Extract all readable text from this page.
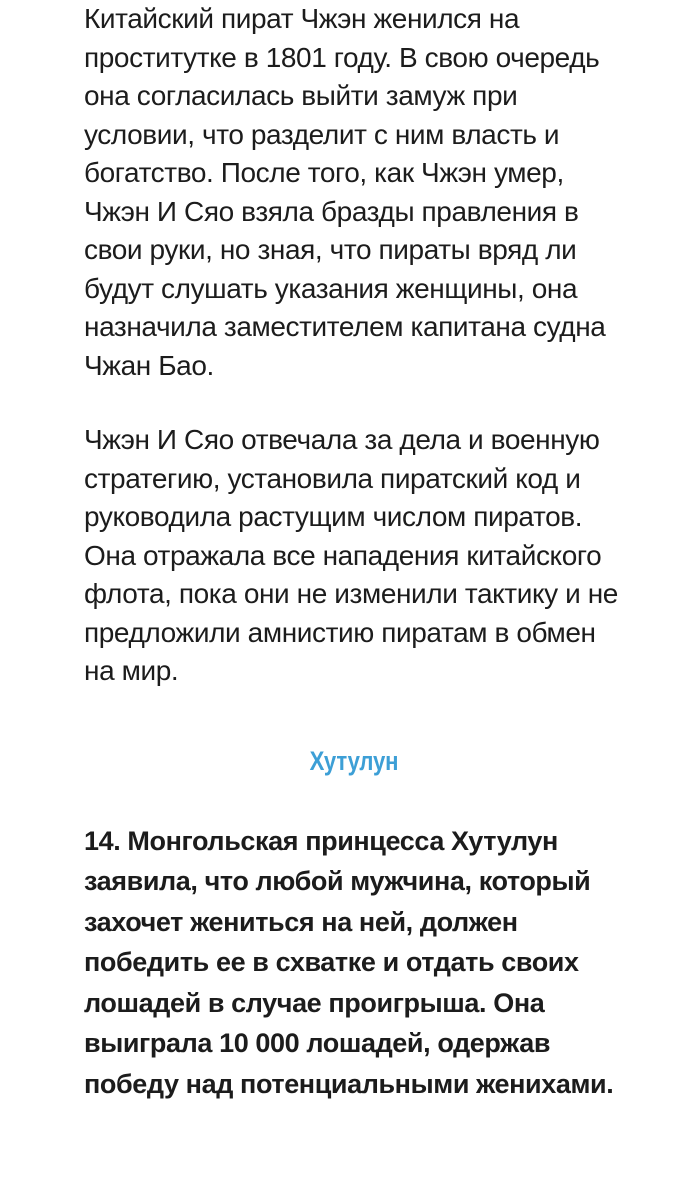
Китайский пират Чжэн женился на проститутке в 1801 году. В свою очередь она согласилась выйти замуж при условии, что разделит с ним власть и богатство. После того, как Чжэн умер, Чжэн И Сяо взяла бразды правления в свои руки, но зная, что пираты вряд ли будут слушать указания женщины, она назначила заместителем капитана судна Чжан Бао.

Чжэн И Сяо отвечала за дела и военную стратегию, установила пиратский код и руководила растущим числом пиратов. Она отражала все нападения китайского флота, пока они не изменили тактику и не предложили амнистию пиратам в обмен на мир.

Хутулун

14. Монгольская принцесса Хутулун заявила, что любой мужчина, который захочет жениться на ней, должен победить ее в схватке и отдать своих лошадей в случае проигрыша. Она выиграла 10 000 лошадей, одержав победу над потенциальными женихами.
